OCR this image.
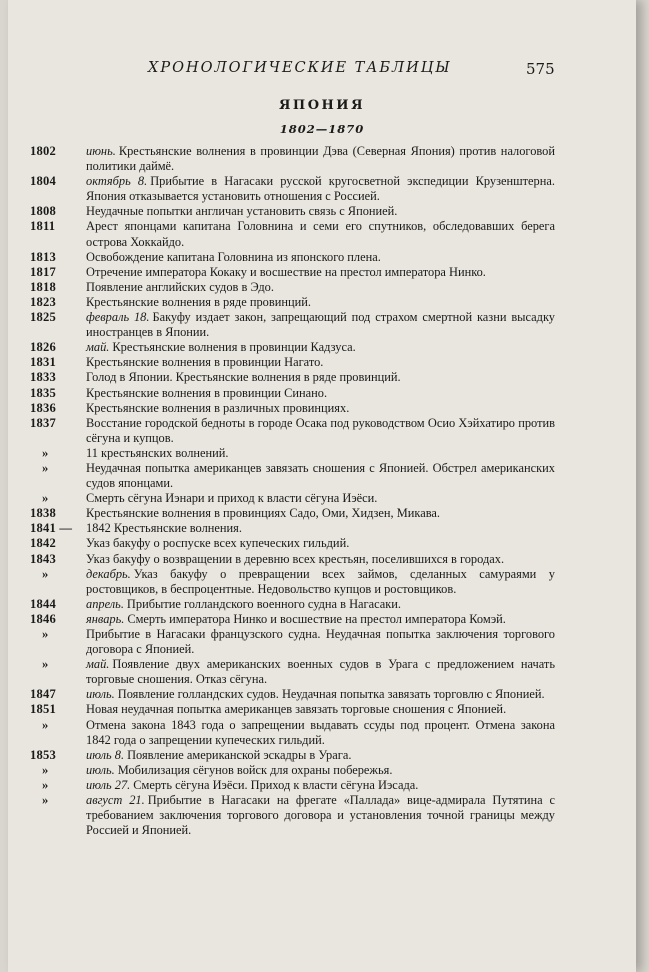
ХРОНОЛОГИЧЕСКИЕ ТАБЛИЦЫ	575
ЯПОНИЯ
1802—1870
1802	июнь. Крестьянские волнения в провинции Дэва (Северная Япония) против налоговой политики даймё.
1804	октябрь 8. Прибытие в Нагасаки русской кругосветной экспедиции Крузенштерна. Япония отказывается установить отношения с Россией.
1808	Неудачные попытки англичан установить связь с Японией.
1811	Арест японцами капитана Головнина и семи его спутников, обследовавших берега острова Хоккайдо.
1813	Освобождение капитана Головнина из японского плена.
1817	Отречение императора Кокаку и восшествие на престол императора Нинко.
1818	Появление английских судов в Эдо.
1823	Крестьянские волнения в ряде провинций.
1825	февраль 18. Бакуфу издает закон, запрещающий под страхом смертной казни высадку иностранцев в Японии.
1826	май. Крестьянские волнения в провинции Кадзуса.
1831	Крестьянские волнения в провинции Нагато.
1833	Голод в Японии. Крестьянские волнения в ряде провинций.
1835	Крестьянские волнения в провинции Синано.
1836	Крестьянские волнения в различных провинциях.
1837	Восстание городской бедноты в городе Осака под руководством Осио Хэйхатиро против сёгуна и купцов.
»	11 крестьянских волнений.
»	Неудачная попытка американцев завязать сношения с Японией. Обстрел американских судов японцами.
»	Смерть сёгуна Иэнари и приход к власти сёгуна Иэёси.
1838	Крестьянские волнения в провинциях Садо, Оми, Хидзен, Микава.
1841 —	1842 Крестьянские волнения.
1842	Указ бакуфу о роспуске всех купеческих гильдий.
1843	Указ бакуфу о возвращении в деревню всех крестьян, поселившихся в городах.
»	декабрь. Указ бакуфу о превращении всех займов, сделанных самураями у ростовщиков, в беспроцентные. Недовольство купцов и ростовщиков.
1844	апрель. Прибытие голландского военного судна в Нагасаки.
1846	январь. Смерть императора Нинко и восшествие на престол императора Комэй.
»	Прибытие в Нагасаки французского судна. Неудачная попытка заключения торгового договора с Японией.
»	май. Появление двух американских военных судов в Урага с предложением начать торговые сношения. Отказ сёгуна.
1847	июль. Появление голландских судов. Неудачная попытка завязать торговлю с Японией.
1851	Новая неудачная попытка американцев завязать торговые сношения с Японией.
»	Отмена закона 1843 года о запрещении выдавать ссуды под процент. Отмена закона 1842 года о запрещении купеческих гильдий.
1853	июль 8. Появление американской эскадры в Урага.
»	июль. Мобилизация сёгунов войск для охраны побережья.
»	июль 27. Смерть сёгуна Иэёси. Приход к власти сёгуна Иэсада.
»	август 21. Прибытие в Нагасаки на фрегате «Паллада» вице-адмирала Путятина с требованием заключения торгового договора и установления точной границы между Россией и Японией.
